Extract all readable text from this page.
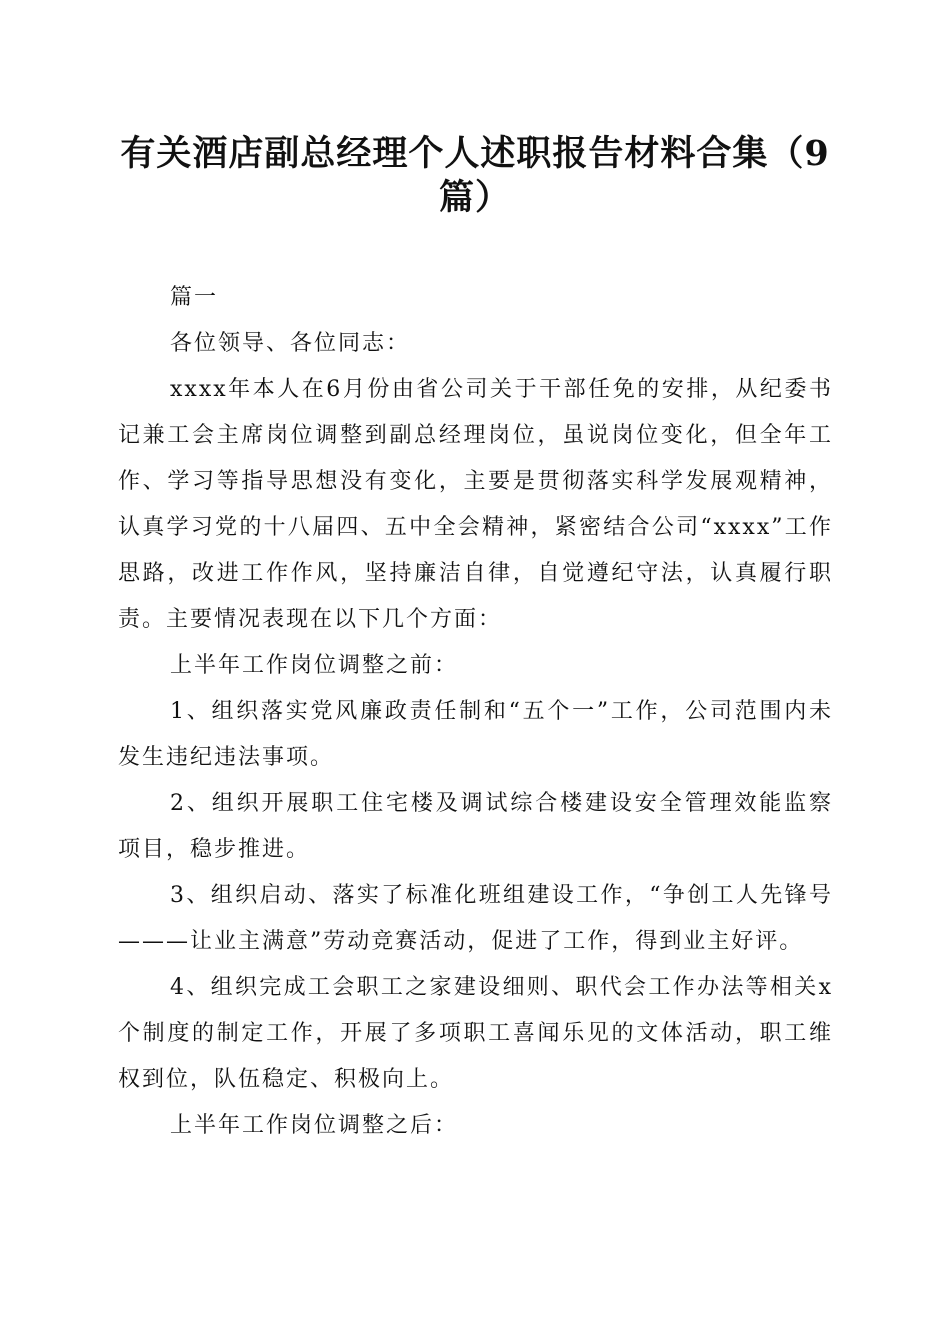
有关酒店副总经理个人述职报告材料合集（9篇）

篇一

各位领导、各位同志：

xxxx年本人在6月份由省公司关于干部任免的安排，从纪委书记兼工会主席岗位调整到副总经理岗位，虽说岗位变化，但全年工作、学习等指导思想没有变化，主要是贯彻落实科学发展观精神，认真学习党的十八届四、五中全会精神，紧密结合公司“xxxx”工作思路，改进工作作风，坚持廉洁自律，自觉遵纪守法，认真履行职责。主要情况表现在以下几个方面：

上半年工作岗位调整之前：

1、组织落实党风廉政责任制和“五个一”工作，公司范围内未发生违纪违法事项。

2、组织开展职工住宅楼及调试综合楼建设安全管理效能监察项目，稳步推进。

3、组织启动、落实了标准化班组建设工作，“争创工人先锋号———让业主满意”劳动竞赛活动，促进了工作，得到业主好评。

4、组织完成工会职工之家建设细则、职代会工作办法等相关x个制度的制定工作，开展了多项职工喜闻乐见的文体活动，职工维权到位，队伍稳定、积极向上。

上半年工作岗位调整之后：
